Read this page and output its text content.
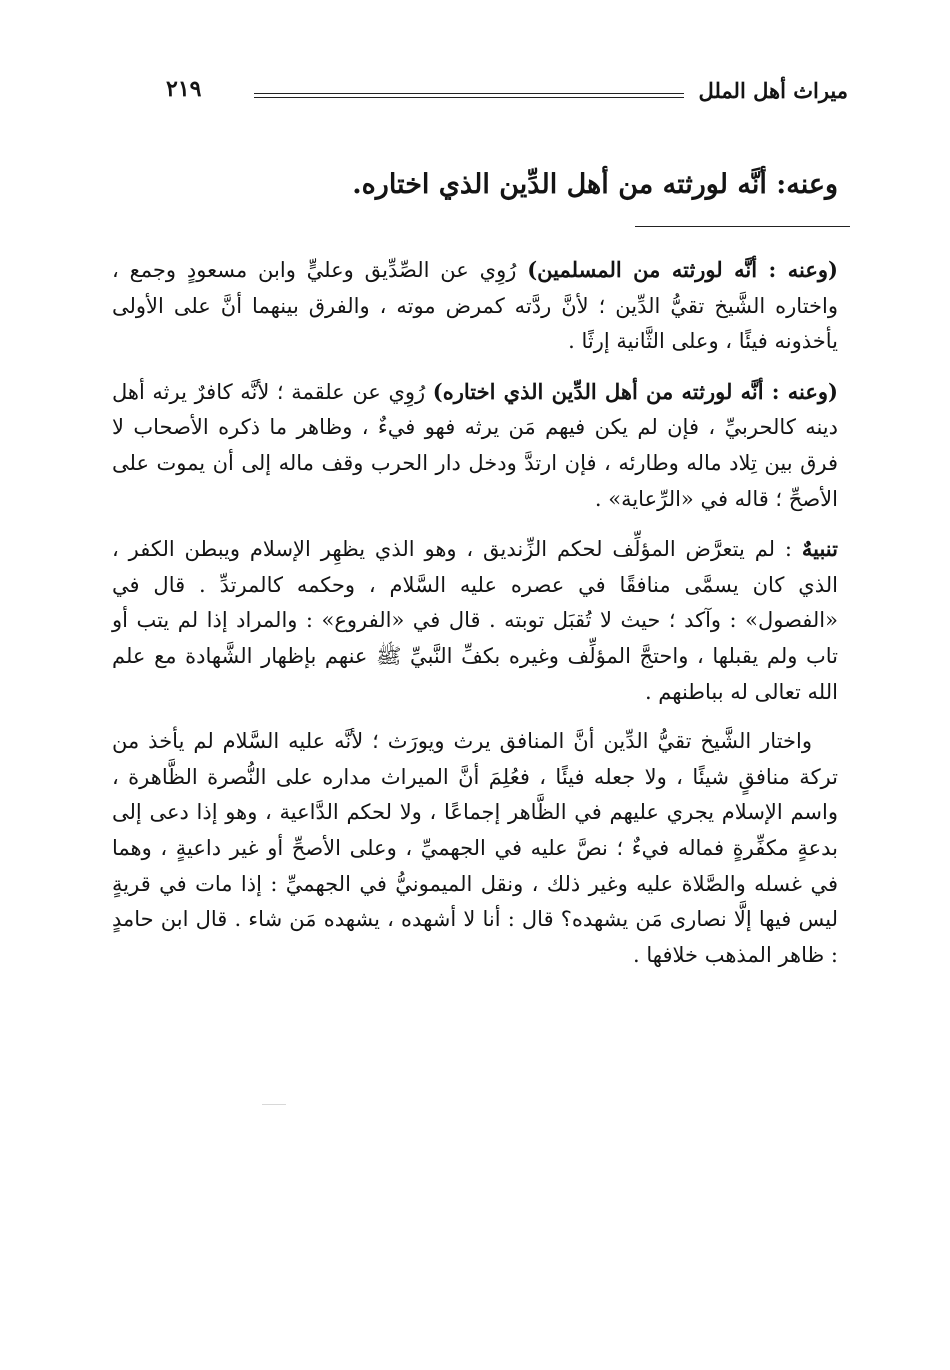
ميراث أهل الملل
٢١٩
وعنه: أنَّه لورثته من أهل الدِّين الذي اختاره.

(وعنه : أنَّه لورثته من المسلمين) رُوِي عن الصِّدِّيق وعليٍّ وابن مسعودٍ وجمع ، واختاره الشَّيخ تقيُّ الدِّين ؛ لأنَّ ردَّته كمرض موته ، والفرق بينهما أنَّ على الأولى يأخذونه فيئًا ، وعلى الثَّانية إرثًا .

(وعنه : أنَّه لورثته من أهل الدِّين الذي اختاره) رُوِي عن علقمة ؛ لأنَّه كافرٌ يرثه أهل دينه كالحربيِّ ، فإن لم يكن فيهم مَن يرثه فهو فيءٌ ، وظاهر ما ذكره الأصحاب لا فرق بين تِلاد ماله وطارئه ، فإن ارتدَّ ودخل دار الحرب وقف ماله إلى أن يموت على الأصحِّ ؛ قاله في «الرِّعاية» .

تنبيهٌ : لم يتعرَّض المؤلِّف لحكم الزِّنديق ، وهو الذي يظهِر الإسلام ويبطن الكفر ، الذي كان يسمَّى منافقًا في عصره عليه السَّلام ، وحكمه كالمرتدِّ . قال في «الفصول» : وآكد ؛ حيث لا تُقبَل توبته . قال في «الفروع» : والمراد إذا لم يتب أو تاب ولم يقبلها ، واحتجَّ المؤلِّف وغيره بكفِّ النَّبيِّ ﷺ عنهم بإظهار الشَّهادة مع علم الله تعالى له بباطنهم .

واختار الشَّيخ تقيُّ الدِّين أنَّ المنافق يرث ويورَث ؛ لأنَّه عليه السَّلام لم يأخذ من تركة منافقٍ شيئًا ، ولا جعله فيئًا ، فعُلِمَ أنَّ الميراث مداره على النُّصرة الظَّاهرة ، واسم الإسلام يجري عليهم في الظَّاهر إجماعًا ، ولا لحكم الدَّاعية ، وهو إذا دعى إلى بدعةٍ مكفِّرةٍ فماله فيءٌ ؛ نصَّ عليه في الجهميِّ ، وعلى الأصحِّ أو غير داعيةٍ ، وهما في غسله والصَّلاة عليه وغير ذلك ، ونقل الميمونيُّ في الجهميِّ : إذا مات في قريةٍ ليس فيها إلَّا نصارى مَن يشهده؟ قال : أنا لا أشهده ، يشهده مَن شاء . قال ابن حامدٍ : ظاهر المذهب خلافها .
